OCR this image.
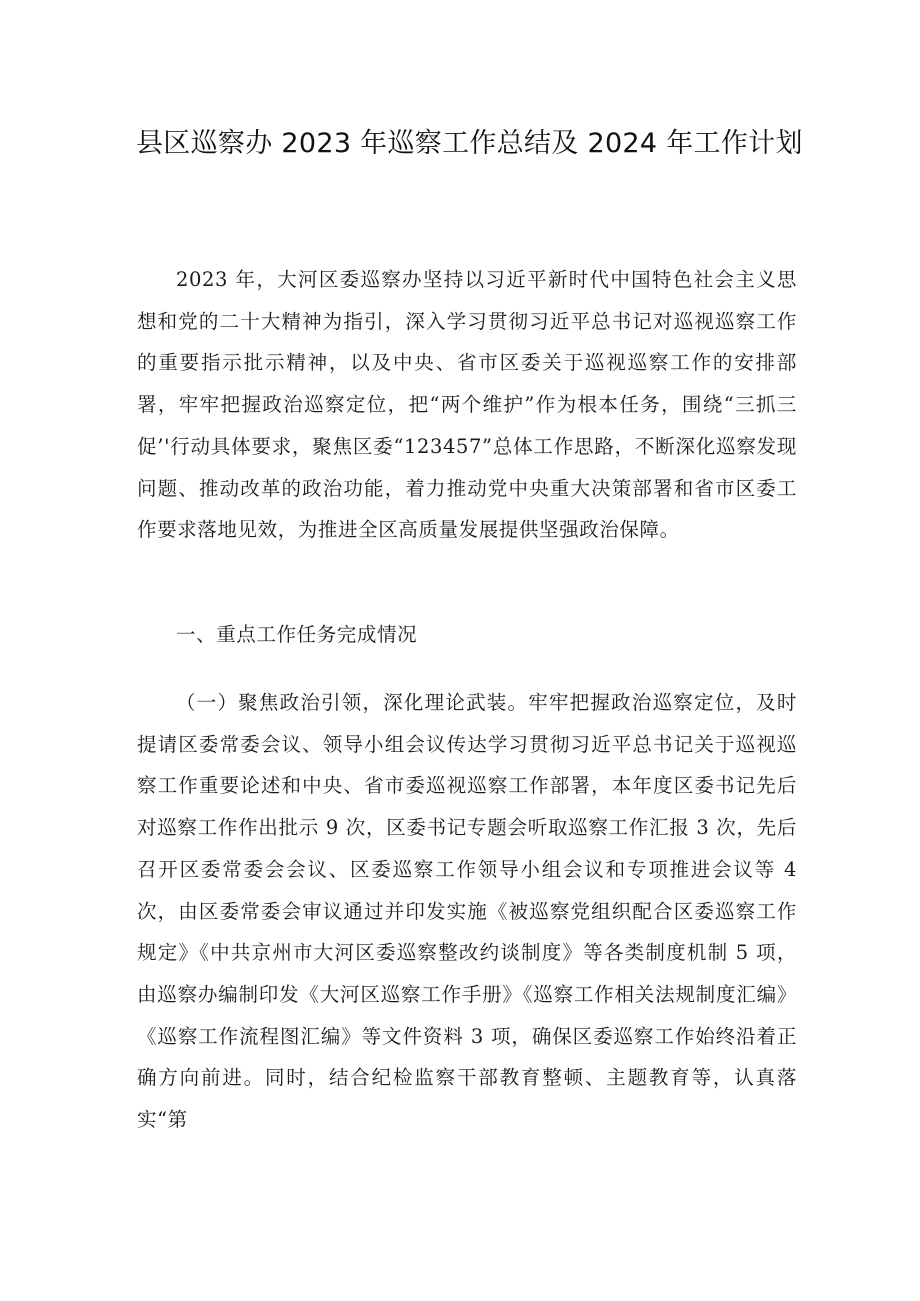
县区巡察办 2023 年巡察工作总结及 2024 年工作计划
2023 年，大河区委巡察办坚持以习近平新时代中国特色社会主义思想和党的二十大精神为指引，深入学习贯彻习近平总书记对巡视巡察工作的重要指示批示精神，以及中央、省市区委关于巡视巡察工作的安排部署，牢牢把握政治巡察定位，把“两个维护”作为根本任务，围绕“三抓三促’'行动具体要求，聚焦区委“123457”总体工作思路，不断深化巡察发现问题、推动改革的政治功能，着力推动党中央重大决策部署和省市区委工作要求落地见效，为推进全区高质量发展提供坚强政治保障。
一、重点工作任务完成情况
（一）聚焦政治引领，深化理论武装。牢牢把握政治巡察定位，及时提请区委常委会议、领导小组会议传达学习贯彻习近平总书记关于巡视巡察工作重要论述和中央、省市委巡视巡察工作部署，本年度区委书记先后对巡察工作作出批示 9 次，区委书记专题会听取巡察工作汇报 3 次，先后召开区委常委会会议、区委巡察工作领导小组会议和专项推进会议等 4 次，由区委常委会审议通过并印发实施《被巡察党组织配合区委巡察工作规定》《中共京州市大河区委巡察整改约谈制度》等各类制度机制 5 项，由巡察办编制印发《大河区巡察工作手册》《巡察工作相关法规制度汇编》《巡察工作流程图汇编》等文件资料 3 项，确保区委巡察工作始终沿着正确方向前进。同时，结合纪检监察干部教育整顿、主题教育等，认真落实“第
